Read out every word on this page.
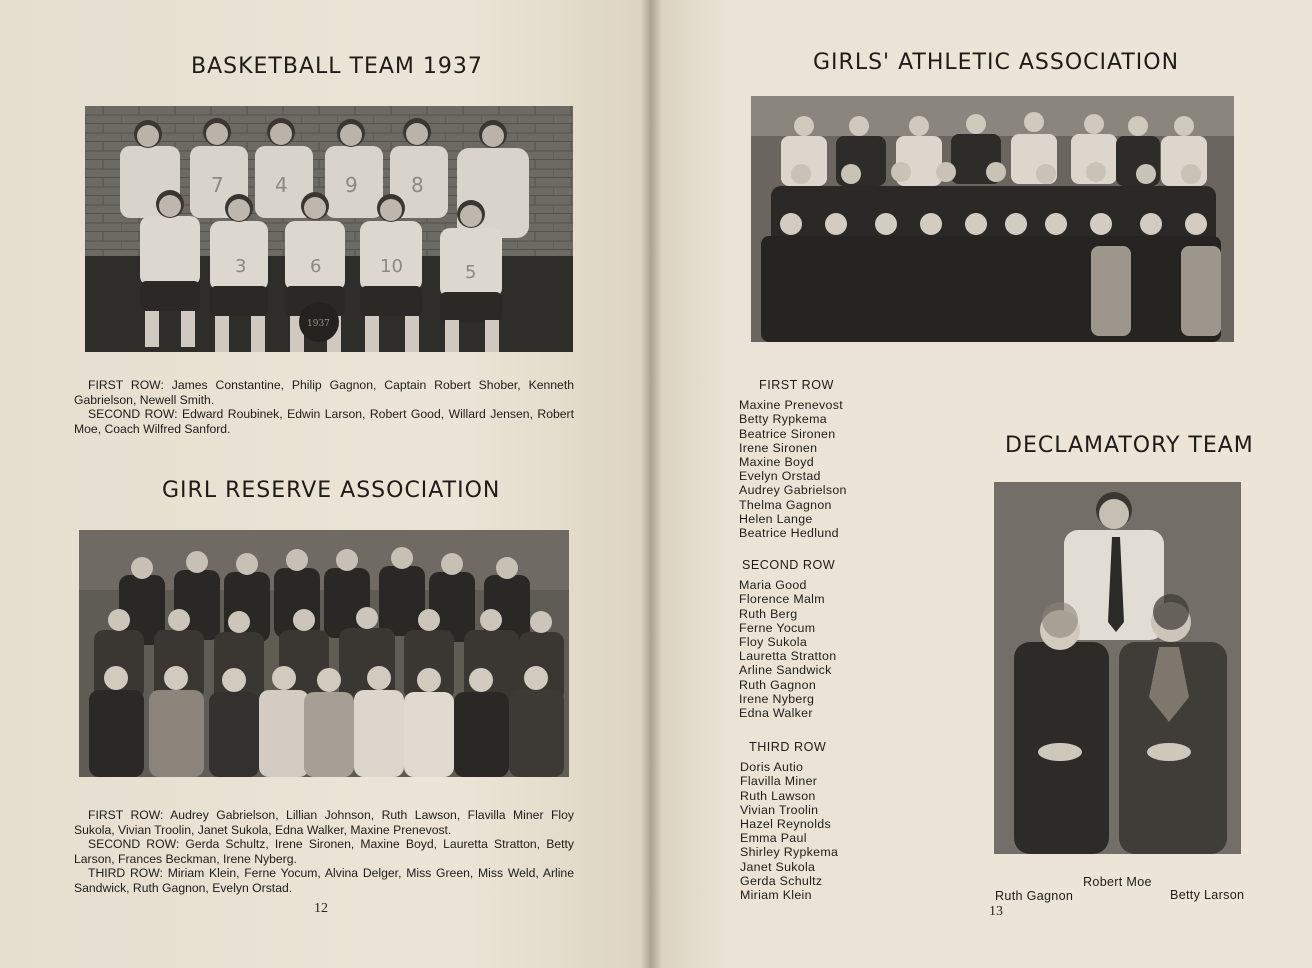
BASKETBALL TEAM 1937
7	4	9	8
3	6	10	5
1937

FIRST ROW: James Constantine, Philip Gagnon, Captain Robert Shober, Kenneth Gabrielson, Newell Smith.

SECOND ROW: Edward Roubinek, Edwin Larson, Robert Good, Willard Jensen, Robert Moe, Coach Wilfred Sanford.

GIRL RESERVE ASSOCIATION

FIRST ROW: Audrey Gabrielson, Lillian Johnson, Ruth Lawson, Flavilla Miner Floy Sukola, Vivian Troolin, Janet Sukola, Edna Walker, Maxine Prenevost.

SECOND ROW: Gerda Schultz, Irene Sironen, Maxine Boyd, Lauretta Stratton, Betty Larson, Frances Beckman, Irene Nyberg.

THIRD ROW: Miriam Klein, Ferne Yocum, Alvina Delger, Miss Green, Miss Weld, Arline Sandwick, Ruth Gagnon, Evelyn Orstad.

12
GIRLS' ATHLETIC ASSOCIATION
FIRST ROW
Maxine Prenevost
Betty Rypkema
Beatrice Sironen
Irene Sironen
Maxine Boyd
Evelyn Orstad
Audrey Gabrielson
Thelma Gagnon
Helen Lange
Beatrice Hedlund
SECOND ROW
Maria Good
Florence Malm
Ruth Berg
Ferne Yocum
Floy Sukola
Lauretta Stratton
Arline Sandwick
Ruth Gagnon
Irene Nyberg
Edna Walker
THIRD ROW
Doris Autio
Flavilla Miner
Ruth Lawson
Vivian Troolin
Hazel Reynolds
Emma Paul
Shirley Rypkema
Janet Sukola
Gerda Schultz
Miriam Klein
DECLAMATORY TEAM
Robert Moe
Ruth Gagnon	Betty Larson
13
